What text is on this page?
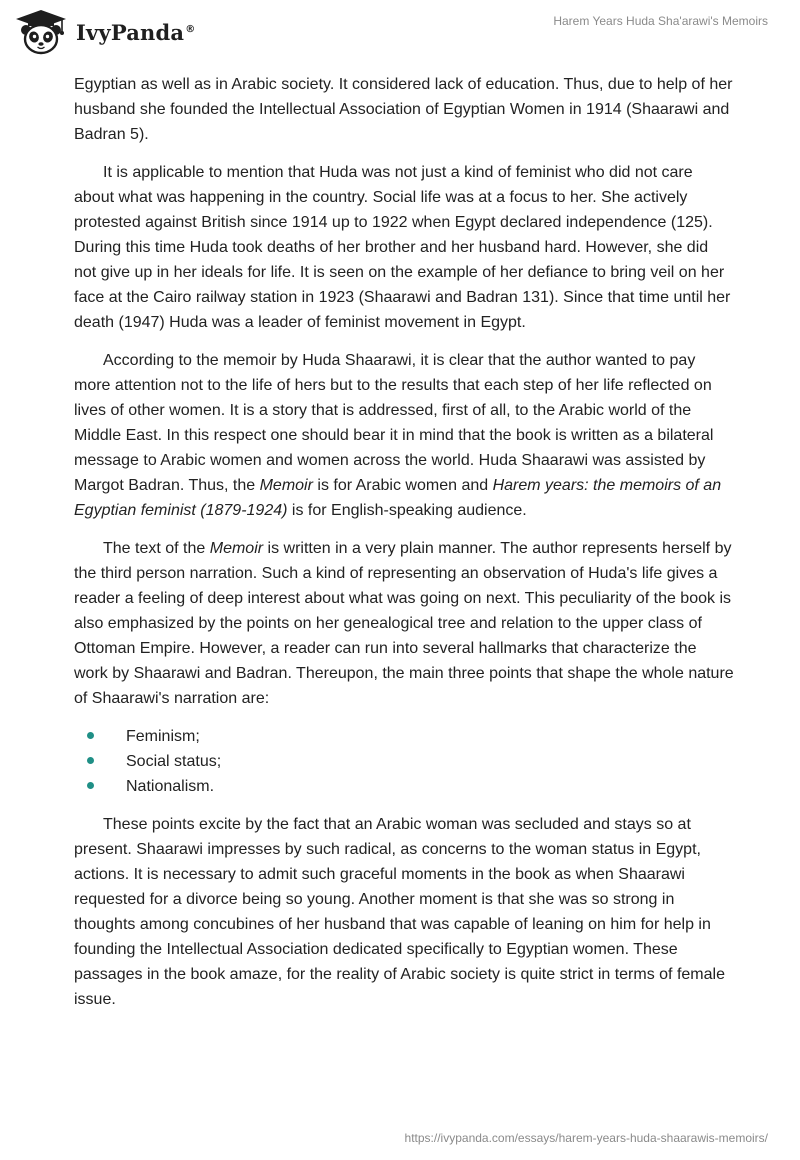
IvyPanda®
Harem Years Huda Sha'arawi's Memoirs

Egyptian as well as in Arabic society. It considered lack of education. Thus, due to help of her husband she founded the Intellectual Association of Egyptian Women in 1914 (Shaarawi and Badran 5).

It is applicable to mention that Huda was not just a kind of feminist who did not care about what was happening in the country. Social life was at a focus to her. She actively protested against British since 1914 up to 1922 when Egypt declared independence (125). During this time Huda took deaths of her brother and her husband hard. However, she did not give up in her ideals for life. It is seen on the example of her defiance to bring veil on her face at the Cairo railway station in 1923 (Shaarawi and Badran 131). Since that time until her death (1947) Huda was a leader of feminist movement in Egypt.

According to the memoir by Huda Shaarawi, it is clear that the author wanted to pay more attention not to the life of hers but to the results that each step of her life reflected on lives of other women. It is a story that is addressed, first of all, to the Arabic world of the Middle East. In this respect one should bear it in mind that the book is written as a bilateral message to Arabic women and women across the world. Huda Shaarawi was assisted by Margot Badran. Thus, the Memoir is for Arabic women and Harem years: the memoirs of an Egyptian feminist (1879-1924) is for English-speaking audience.

The text of the Memoir is written in a very plain manner. The author represents herself by the third person narration. Such a kind of representing an observation of Huda's life gives a reader a feeling of deep interest about what was going on next. This peculiarity of the book is also emphasized by the points on her genealogical tree and relation to the upper class of Ottoman Empire. However, a reader can run into several hallmarks that characterize the work by Shaarawi and Badran. Thereupon, the main three points that shape the whole nature of Shaarawi's narration are:

Feminism;
Social status;
Nationalism.

These points excite by the fact that an Arabic woman was secluded and stays so at present. Shaarawi impresses by such radical, as concerns to the woman status in Egypt, actions. It is necessary to admit such graceful moments in the book as when Shaarawi requested for a divorce being so young. Another moment is that she was so strong in thoughts among concubines of her husband that was capable of leaning on him for help in founding the Intellectual Association dedicated specifically to Egyptian women. These passages in the book amaze, for the reality of Arabic society is quite strict in terms of female issue.

https://ivypanda.com/essays/harem-years-huda-shaarawis-memoirs/
